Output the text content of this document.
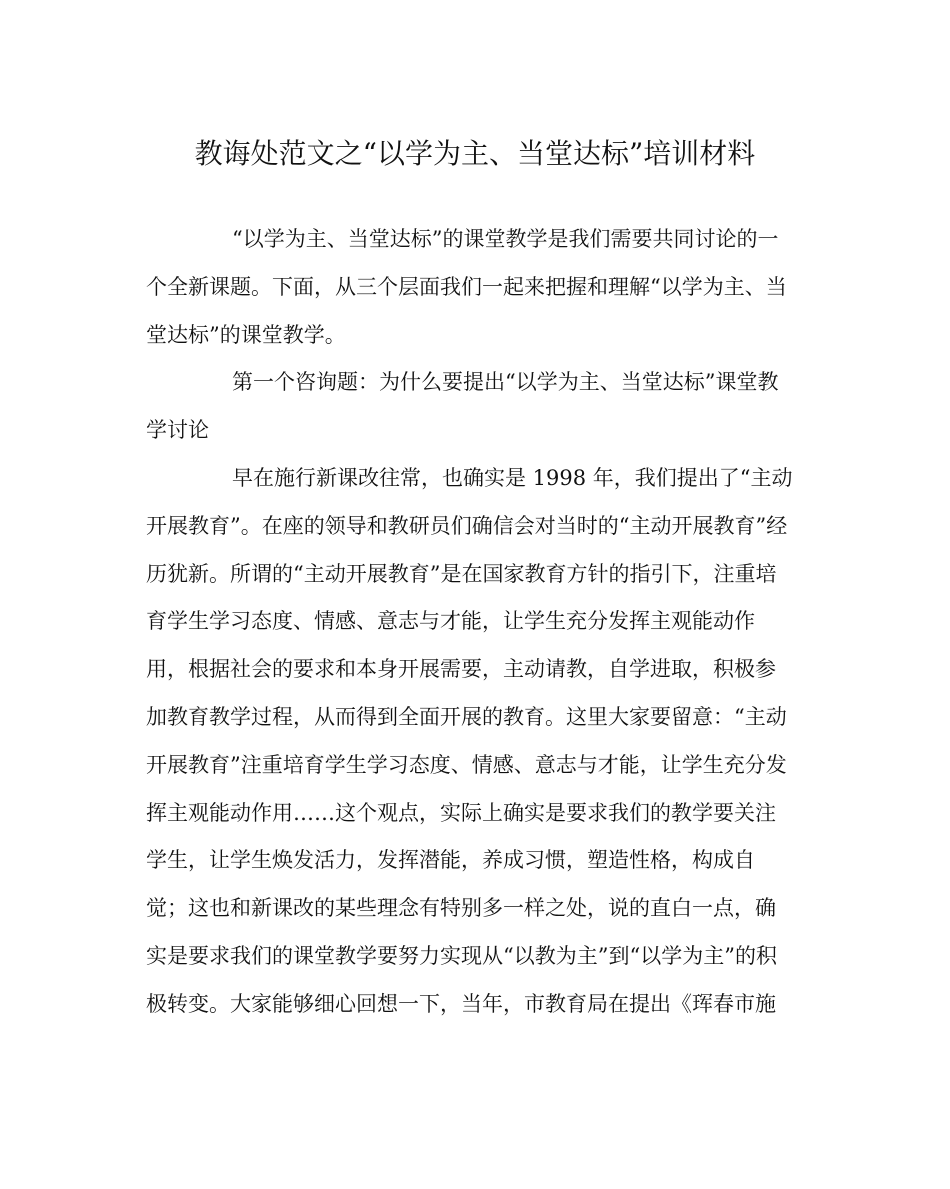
教诲处范文之“以学为主、当堂达标”培训材料
“以学为主、当堂达标”的课堂教学是我们需要共同讨论的一
个全新课题。下面，从三个层面我们一起来把握和理解“以学为主、当
堂达标”的课堂教学。
第一个咨询题：为什么要提出“以学为主、当堂达标”课堂教
学讨论
早在施行新课改往常，也确实是 1998 年，我们提出了“主动
开展教育”。在座的领导和教研员们确信会对当时的“主动开展教育”经
历犹新。所谓的“主动开展教育”是在国家教育方针的指引下，注重培
育学生学习态度、情感、意志与才能，让学生充分发挥主观能动作
用，根据社会的要求和本身开展需要，主动请教，自学进取，积极参
加教育教学过程，从而得到全面开展的教育。这里大家要留意：“主动
开展教育”注重培育学生学习态度、情感、意志与才能，让学生充分发
挥主观能动作用……这个观点，实际上确实是要求我们的教学要关注
学生，让学生焕发活力，发挥潜能，养成习惯，塑造性格，构成自
觉；这也和新课改的某些理念有特别多一样之处，说的直白一点，确
实是要求我们的课堂教学要努力实现从“以教为主”到“以学为主”的积
极转变。大家能够细心回想一下，当年，市教育局在提出《珲春市施
